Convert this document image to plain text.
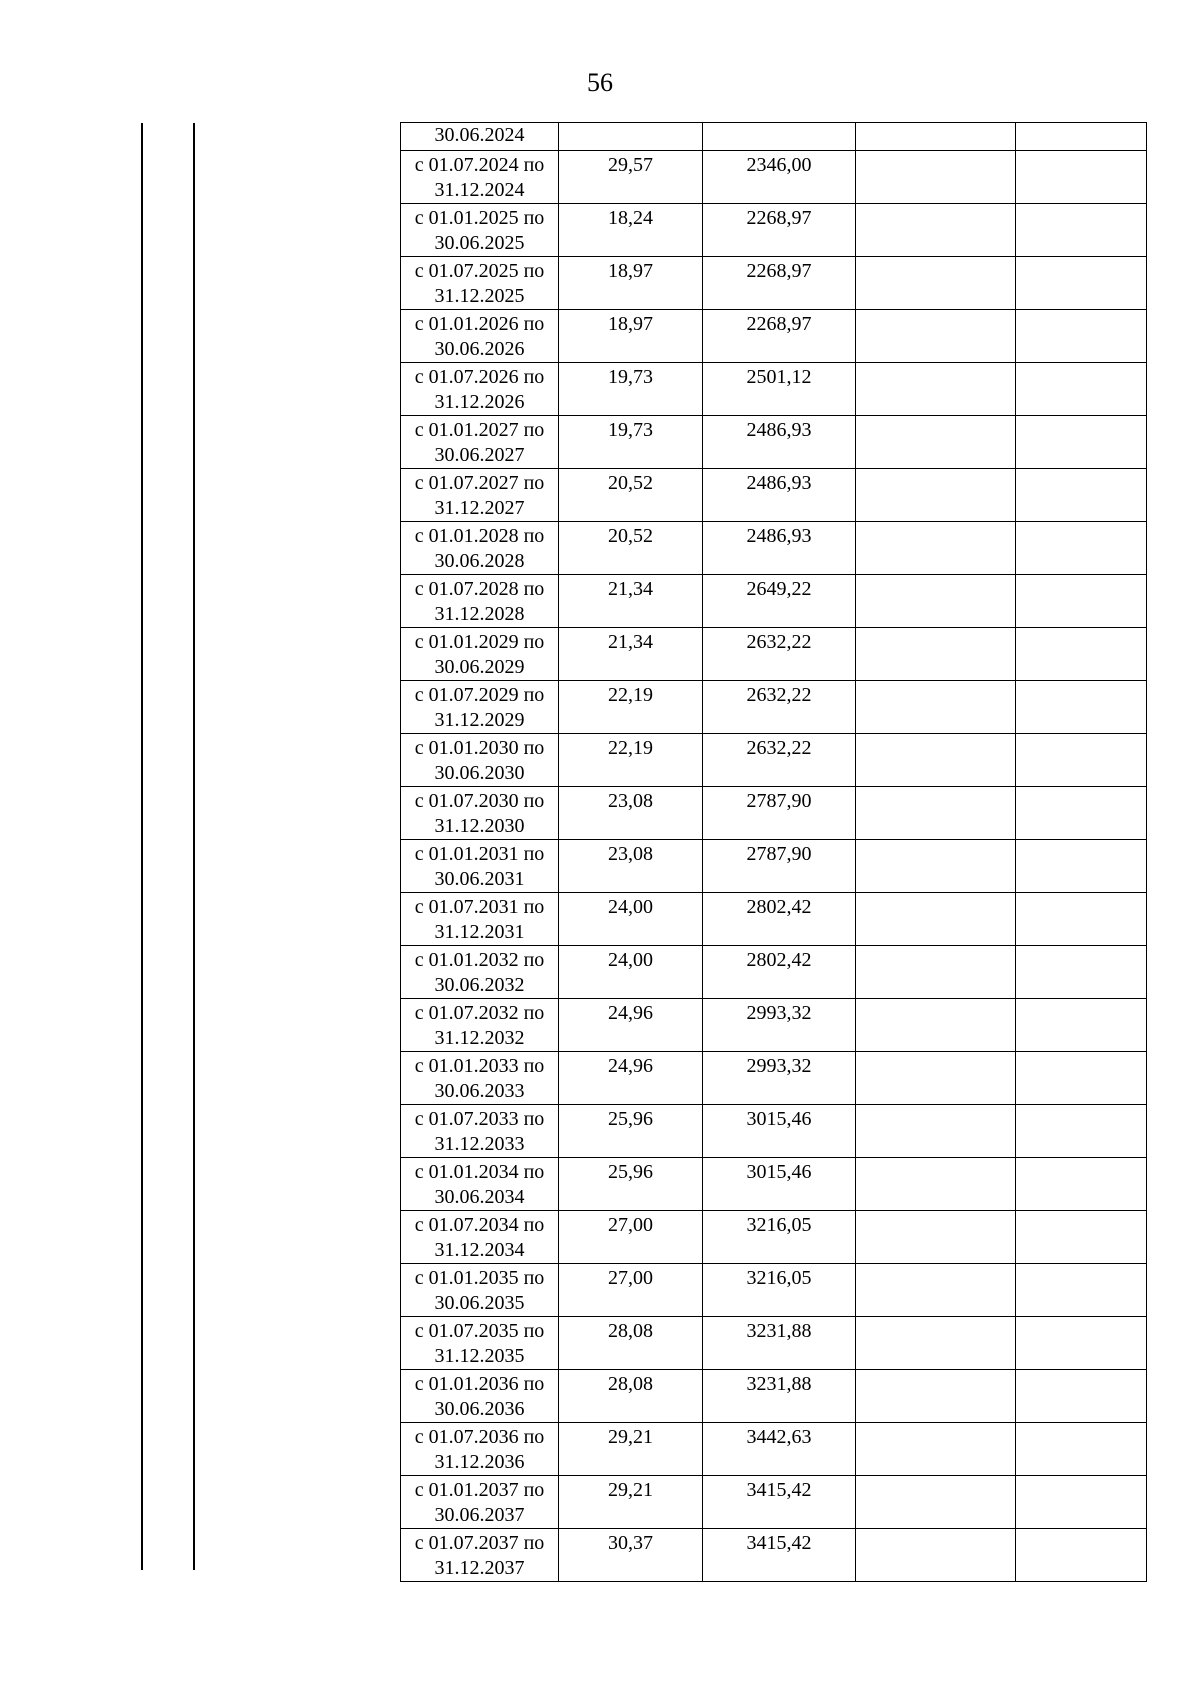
56
30.06.2024	

с 01.07.2024 по
31.12.2024	29,57	2346,00		

с 01.01.2025 по
30.06.2025	18,24	2268,97		

с 01.07.2025 по
31.12.2025	18,97	2268,97		

с 01.01.2026 по
30.06.2026	18,97	2268,97		

с 01.07.2026 по
31.12.2026	19,73	2501,12		

с 01.01.2027 по
30.06.2027	19,73	2486,93		

с 01.07.2027 по
31.12.2027	20,52	2486,93		

с 01.01.2028 по
30.06.2028	20,52	2486,93		

с 01.07.2028 по
31.12.2028	21,34	2649,22		

с 01.01.2029 по
30.06.2029	21,34	2632,22		

с 01.07.2029 по
31.12.2029	22,19	2632,22		

с 01.01.2030 по
30.06.2030	22,19	2632,22		

с 01.07.2030 по
31.12.2030	23,08	2787,90		

с 01.01.2031 по
30.06.2031	23,08	2787,90		

с 01.07.2031 по
31.12.2031	24,00	2802,42		

с 01.01.2032 по
30.06.2032	24,00	2802,42		

с 01.07.2032 по
31.12.2032	24,96	2993,32		

с 01.01.2033 по
30.06.2033	24,96	2993,32		

с 01.07.2033 по
31.12.2033	25,96	3015,46		

с 01.01.2034 по
30.06.2034	25,96	3015,46		

с 01.07.2034 по
31.12.2034	27,00	3216,05		

с 01.01.2035 по
30.06.2035	27,00	3216,05		

с 01.07.2035 по
31.12.2035	28,08	3231,88		

с 01.01.2036 по
30.06.2036	28,08	3231,88		

с 01.07.2036 по
31.12.2036	29,21	3442,63		

с 01.01.2037 по
30.06.2037	29,21	3415,42		

с 01.07.2037 по
31.12.2037	30,37	3415,42		
